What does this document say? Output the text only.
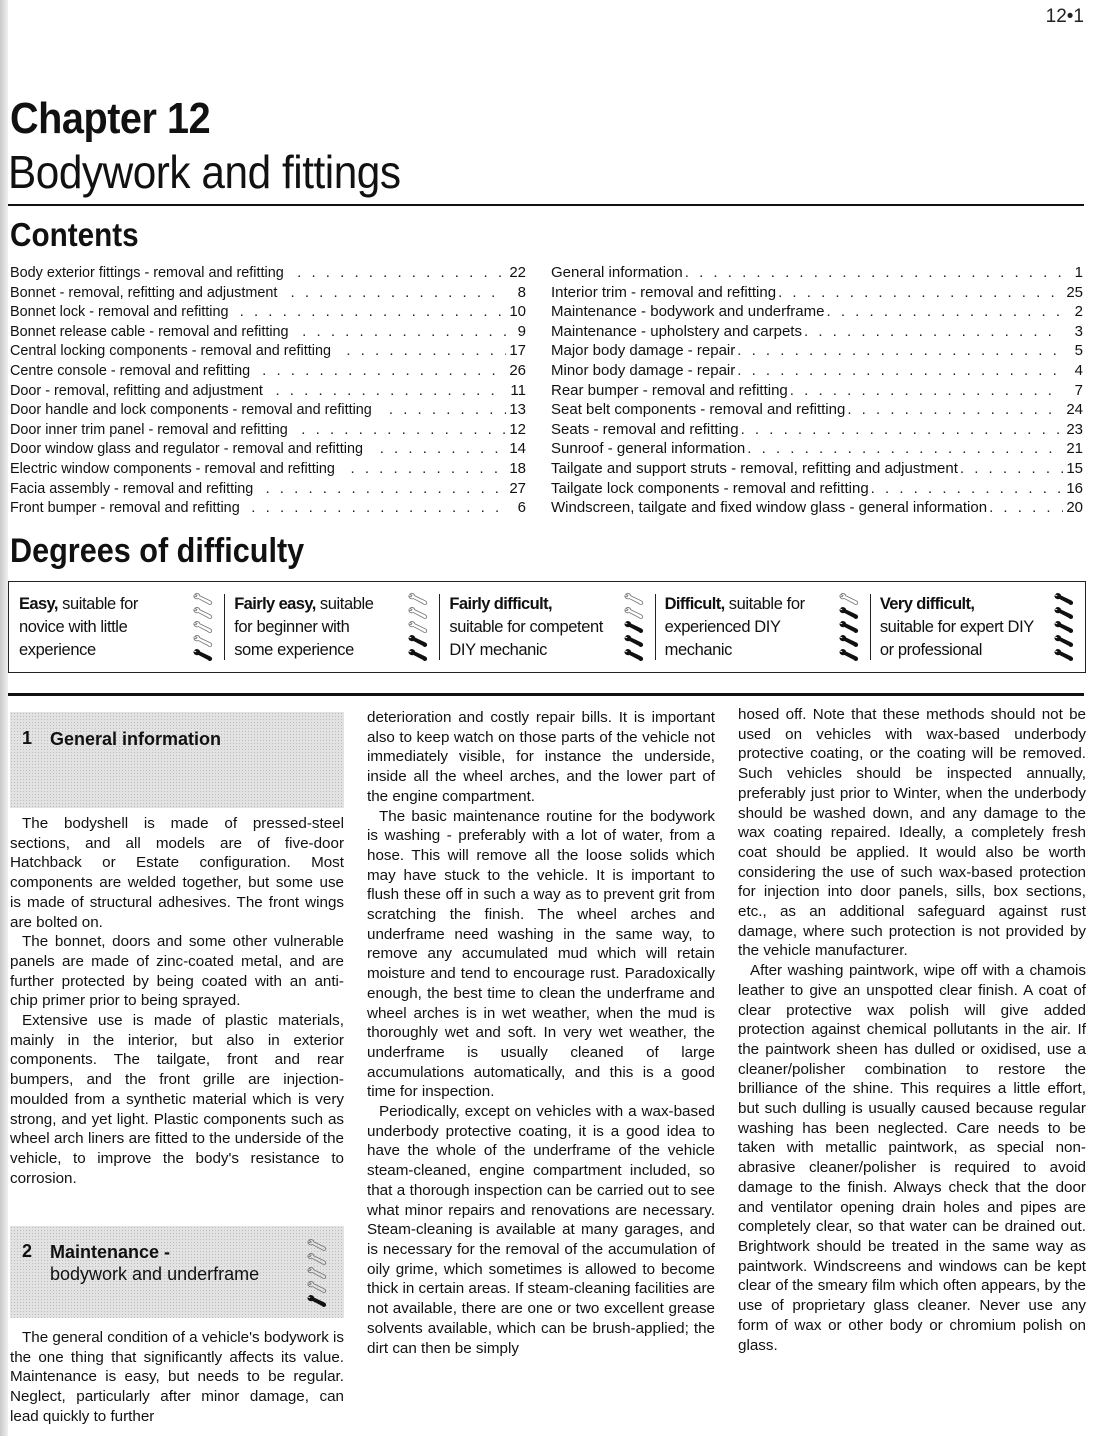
12•1
Chapter 12
Bodywork and fittings
Contents
Body exterior fittings - removal and refitting . . .	22
Bonnet - removal, refitting and adjustment . . .	8
Bonnet lock - removal and refitting . . .	10
Bonnet release cable - removal and refitting . . .	9
Central locking components - removal and refitting . . .	17
Centre console - removal and refitting . . .	26
Door - removal, refitting and adjustment . . .	11
Door handle and lock components - removal and refitting . . .	13
Door inner trim panel - removal and refitting . . .	12
Door window glass and regulator - removal and refitting . . .	14
Electric window components - removal and refitting . . .	18
Facia assembly - removal and refitting . . .	27
Front bumper - removal and refitting . . .	6
General information . . .	1
Interior trim - removal and refitting . . .	25
Maintenance - bodywork and underframe . . .	2
Maintenance - upholstery and carpets . . .	3
Major body damage - repair . . .	5
Minor body damage - repair . . .	4
Rear bumper - removal and refitting . . .	7
Seat belt components - removal and refitting . . .	24
Seats - removal and refitting . . .	23
Sunroof - general information . . .	21
Tailgate and support struts - removal, refitting and adjustment . . .	15
Tailgate lock components - removal and refitting . . .	16
Windscreen, tailgate and fixed window glass - general information . . .	20
Degrees of difficulty
Easy, suitable for
novice with little
experience
Fairly easy, suitable
for beginner with
some experience
Fairly difficult,
suitable for competent
DIY mechanic
Difficult, suitable for
experienced DIY
mechanic
Very difficult,
suitable for expert DIY
or professional
1 General information

The bodyshell is made of pressed-steel sections, and all models are of five-door Hatchback or Estate configuration. Most components are welded together, but some use is made of structural adhesives. The front wings are bolted on.

The bonnet, doors and some other vulnerable panels are made of zinc-coated metal, and are further protected by being coated with an anti-chip primer prior to being sprayed.

Extensive use is made of plastic materials, mainly in the interior, but also in exterior components. The tailgate, front and rear bumpers, and the front grille are injection-moulded from a synthetic material which is very strong, and yet light. Plastic components such as wheel arch liners are fitted to the underside of the vehicle, to improve the body's resistance to corrosion.

2 Maintenance -
bodywork and underframe

The general condition of a vehicle's bodywork is the one thing that significantly affects its value. Maintenance is easy, but needs to be regular. Neglect, particularly after minor damage, can lead quickly to further

deterioration and costly repair bills. It is important also to keep watch on those parts of the vehicle not immediately visible, for instance the underside, inside all the wheel arches, and the lower part of the engine compartment.

The basic maintenance routine for the bodywork is washing - preferably with a lot of water, from a hose. This will remove all the loose solids which may have stuck to the vehicle. It is important to flush these off in such a way as to prevent grit from scratching the finish. The wheel arches and underframe need washing in the same way, to remove any accumulated mud which will retain moisture and tend to encourage rust. Paradoxically enough, the best time to clean the underframe and wheel arches is in wet weather, when the mud is thoroughly wet and soft. In very wet weather, the underframe is usually cleaned of large accumulations automatically, and this is a good time for inspection.

Periodically, except on vehicles with a wax-based underbody protective coating, it is a good idea to have the whole of the underframe of the vehicle steam-cleaned, engine compartment included, so that a thorough inspection can be carried out to see what minor repairs and renovations are necessary. Steam-cleaning is available at many garages, and is necessary for the removal of the accumulation of oily grime, which sometimes is allowed to become thick in certain areas. If steam-cleaning facilities are not available, there are one or two excellent grease solvents available, which can be brush-applied; the dirt can then be simply

hosed off. Note that these methods should not be used on vehicles with wax-based underbody protective coating, or the coating will be removed. Such vehicles should be inspected annually, preferably just prior to Winter, when the underbody should be washed down, and any damage to the wax coating repaired. Ideally, a completely fresh coat should be applied. It would also be worth considering the use of such wax-based protection for injection into door panels, sills, box sections, etc., as an additional safeguard against rust damage, where such protection is not provided by the vehicle manufacturer.

After washing paintwork, wipe off with a chamois leather to give an unspotted clear finish. A coat of clear protective wax polish will give added protection against chemical pollutants in the air. If the paintwork sheen has dulled or oxidised, use a cleaner/polisher combination to restore the brilliance of the shine. This requires a little effort, but such dulling is usually caused because regular washing has been neglected. Care needs to be taken with metallic paintwork, as special non-abrasive cleaner/polisher is required to avoid damage to the finish. Always check that the door and ventilator opening drain holes and pipes are completely clear, so that water can be drained out. Brightwork should be treated in the same way as paintwork. Windscreens and windows can be kept clear of the smeary film which often appears, by the use of proprietary glass cleaner. Never use any form of wax or other body or chromium polish on glass.
